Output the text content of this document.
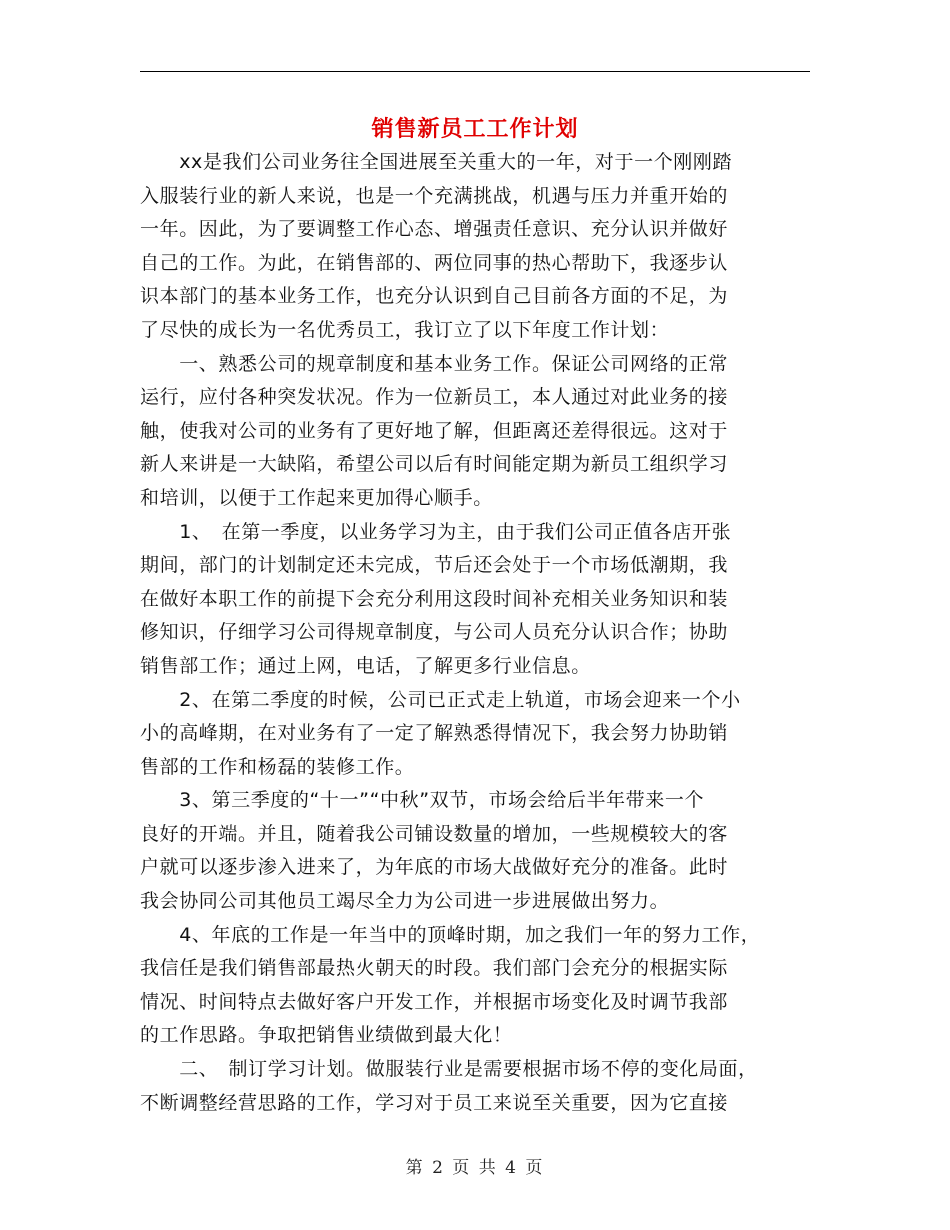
销售新员工工作计划
　　xx是我们公司业务往全国进展至关重大的一年，对于一个刚刚踏
入服装行业的新人来说，也是一个充满挑战，机遇与压力并重开始的
一年。因此，为了要调整工作心态、增强责任意识、充分认识并做好
自己的工作。为此，在销售部的、两位同事的热心帮助下，我逐步认
识本部门的基本业务工作，也充分认识到自己目前各方面的不足，为
了尽快的成长为一名优秀员工，我订立了以下年度工作计划：
　　一、熟悉公司的规章制度和基本业务工作。保证公司网络的正常
运行，应付各种突发状况。作为一位新员工，本人通过对此业务的接
触，使我对公司的业务有了更好地了解，但距离还差得很远。这对于
新人来讲是一大缺陷，希望公司以后有时间能定期为新员工组织学习
和培训，以便于工作起来更加得心顺手。
　　1、　在第一季度，以业务学习为主，由于我们公司正值各店开张
期间，部门的计划制定还未完成，节后还会处于一个市场低潮期，我
在做好本职工作的前提下会充分利用这段时间补充相关业务知识和装
修知识，仔细学习公司得规章制度，与公司人员充分认识合作；协助
销售部工作；通过上网，电话，了解更多行业信息。
　　2、在第二季度的时候，公司已正式走上轨道，市场会迎来一个小
小的高峰期，在对业务有了一定了解熟悉得情况下，我会努力协助销
售部的工作和杨磊的装修工作。
　　3、第三季度的“十一”“中秋”双节，市场会给后半年带来一个
良好的开端。并且，随着我公司铺设数量的增加，一些规模较大的客
户就可以逐步渗入进来了，为年底的市场大战做好充分的准备。此时
我会协同公司其他员工竭尽全力为公司进一步进展做出努力。
　　4、年底的工作是一年当中的顶峰时期，加之我们一年的努力工作，
我信任是我们销售部最热火朝天的时段。我们部门会充分的根据实际
情况、时间特点去做好客户开发工作，并根据市场变化及时调节我部
的工作思路。争取把销售业绩做到最大化！
　　二、　制订学习计划。做服装行业是需要根据市场不停的变化局面，
不断调整经营思路的工作，学习对于员工来说至关重要，因为它直接
第 2 页 共 4 页
